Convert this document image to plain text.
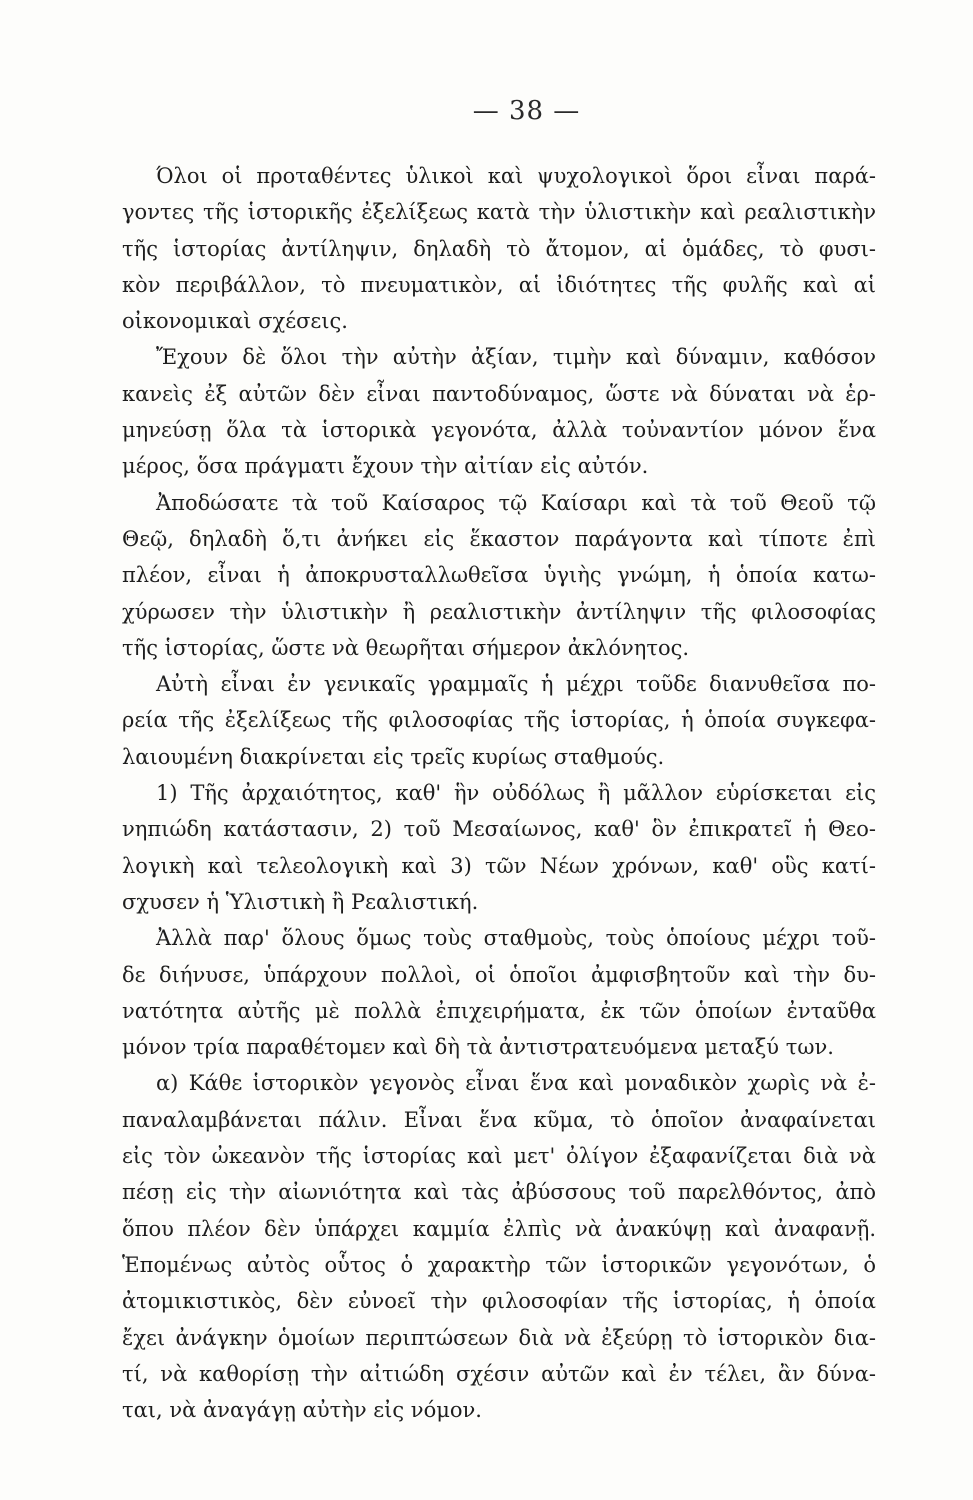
— 38 —
Όλοι οἱ προταθέντες ὑλικοὶ καὶ ψυχολογικοὶ ὅροι εἶναι παρά-
γοντες τῆς ἱστορικῆς ἐξελίξεως κατὰ τὴν ὑλιστικὴν καὶ ρεαλιστικὴν
τῆς ἱστορίας ἀντίληψιν, δηλαδὴ τὸ ἄτομον, αἱ ὁμάδες, τὸ φυσι-
κὸν περιβάλλον, τὸ πνευματικὸν, αἱ ἰδιότητες τῆς φυλῆς καὶ αἱ
οἰκονομικαὶ σχέσεις.
Ἔχουν δὲ ὅλοι τὴν αὐτὴν ἀξίαν, τιμὴν καὶ δύναμιν, καθόσον
κανεὶς ἐξ αὐτῶν δὲν εἶναι παντοδύναμος, ὥστε νὰ δύναται νὰ ἑρ-
μηνεύσῃ ὅλα τὰ ἱστορικὰ γεγονότα, ἀλλὰ τοὐναντίον μόνον ἕνα
μέρος, ὅσα πράγματι ἔχουν τὴν αἰτίαν εἰς αὐτόν.
Ἀποδώσατε τὰ τοῦ Καίσαρος τῷ Καίσαρι καὶ τὰ τοῦ Θεοῦ τῷ
Θεῷ, δηλαδὴ ὅ,τι ἀνήκει εἰς ἕκαστον παράγοντα καὶ τίποτε ἐπὶ
πλέον, εἶναι ἡ ἀποκρυσταλλωθεῖσα ὑγιὴς γνώμη, ἡ ὁποία κατω-
χύρωσεν τὴν ὑλιστικὴν ἢ ρεαλιστικὴν ἀντίληψιν τῆς φιλοσοφίας
τῆς ἱστορίας, ὥστε νὰ θεωρῆται σήμερον ἀκλόνητος.
Αὐτὴ εἶναι ἐν γενικαῖς γραμμαῖς ἡ μέχρι τοῦδε διανυθεῖσα πο-
ρεία τῆς ἐξελίξεως τῆς φιλοσοφίας τῆς ἱστορίας, ἡ ὁποία συγκεφα-
λαιουμένη διακρίνεται εἰς τρεῖς κυρίως σταθμούς.
1) Τῆς ἀρχαιότητος, καθ' ἣν οὐδόλως ἢ μᾶλλον εὑρίσκεται εἰς
νηπιώδη κατάστασιν, 2) τοῦ Μεσαίωνος, καθ' ὃν ἐπικρατεῖ ἡ Θεο-
λογικὴ καὶ τελεολογικὴ καὶ 3) τῶν Νέων χρόνων, καθ' οὓς κατί-
σχυσεν ἡ Ὑλιστικὴ ἢ Ρεαλιστική.
Ἀλλὰ παρ' ὅλους ὅμως τοὺς σταθμοὺς, τοὺς ὁποίους μέχρι τοῦ-
δε διήνυσε, ὑπάρχουν πολλοὶ, οἱ ὁποῖοι ἀμφισβητοῦν καὶ τὴν δυ-
νατότητα αὐτῆς μὲ πολλὰ ἐπιχειρήματα, ἐκ τῶν ὁποίων ἐνταῦθα
μόνον τρία παραθέτομεν καὶ δὴ τὰ ἀντιστρατευόμενα μεταξύ των.
α) Κάθε ἱστορικὸν γεγονὸς εἶναι ἕνα καὶ μοναδικὸν χωρὶς νὰ ἐ-
παναλαμβάνεται πάλιν. Εἶναι ἕνα κῦμα, τὸ ὁποῖον ἀναφαίνεται
εἰς τὸν ὠκεανὸν τῆς ἱστορίας καὶ μετ' ὀλίγον ἐξαφανίζεται διὰ νὰ
πέσῃ εἰς τὴν αἰωνιότητα καὶ τὰς ἀβύσσους τοῦ παρελθόντος, ἀπὸ
ὅπου πλέον δὲν ὑπάρχει καμμία ἐλπὶς νὰ ἀνακύψῃ καὶ ἀναφανῇ.
Ἑπομένως αὐτὸς οὗτος ὁ χαρακτὴρ τῶν ἱστορικῶν γεγονότων, ὁ
ἀτομικιστικὸς, δὲν εὐνοεῖ τὴν φιλοσοφίαν τῆς ἱστορίας, ἡ ὁποία
ἔχει ἀνάγκην ὁμοίων περιπτώσεων διὰ νὰ ἐξεύρῃ τὸ ἱστορικὸν δια-
τί, νὰ καθορίσῃ τὴν αἰτιώδη σχέσιν αὐτῶν καὶ ἐν τέλει, ἂν δύνα-
ται, νὰ ἀναγάγῃ αὐτὴν εἰς νόμον.
